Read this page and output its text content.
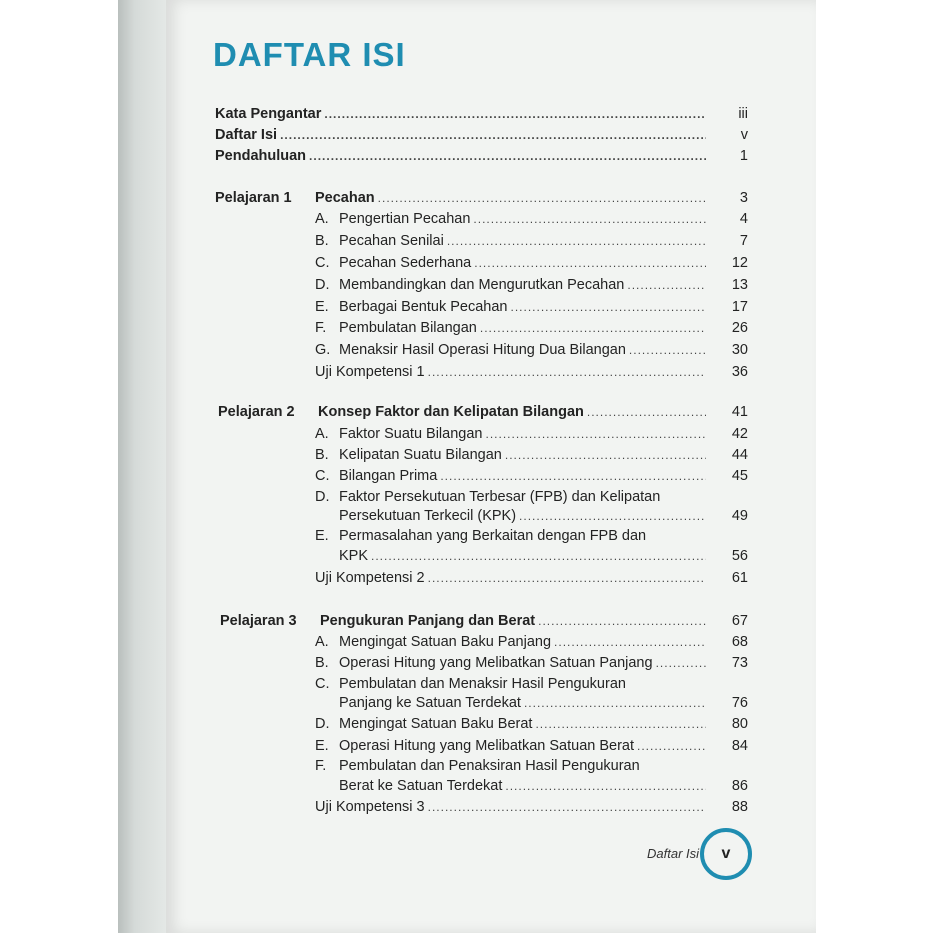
DAFTAR ISI
Kata Pengantar .....	iii
Daftar Isi .....	v
Pendahuluan .....	1
Pelajaran 1	Pecahan .....	3
A. Pengertian Pecahan .....	4
B. Pecahan Senilai .....	7
C. Pecahan Sederhana .....	12
D. Membandingkan dan Mengurutkan Pecahan .....	13
E. Berbagai Bentuk Pecahan .....	17
F. Pembulatan Bilangan .....	26
G. Menaksir Hasil Operasi Hitung Dua Bilangan .....	30
Uji Kompetensi 1 .....	36
Pelajaran 2	Konsep Faktor dan Kelipatan Bilangan .....	41
A. Faktor Suatu Bilangan .....	42
B. Kelipatan Suatu Bilangan .....	44
C. Bilangan Prima .....	45
D. Faktor Persekutuan Terbesar (FPB) dan Kelipatan
Persekutuan Terkecil (KPK) .....	49
E. Permasalahan yang Berkaitan dengan FPB dan
KPK .....	56
Uji Kompetensi 2 .....	61
Pelajaran 3	Pengukuran Panjang dan Berat .....	67
A. Mengingat Satuan Baku Panjang .....	68
B. Operasi Hitung yang Melibatkan Satuan Panjang .....	73
C. Pembulatan dan Menaksir Hasil Pengukuran
Panjang ke Satuan Terdekat .....	76
D. Mengingat Satuan Baku Berat .....	80
E. Operasi Hitung yang Melibatkan Satuan Berat .....	84
F. Pembulatan dan Penaksiran Hasil Pengukuran
Berat ke Satuan Terdekat .....	86
Uji Kompetensi 3 .....	88
Daftar Isi	v
